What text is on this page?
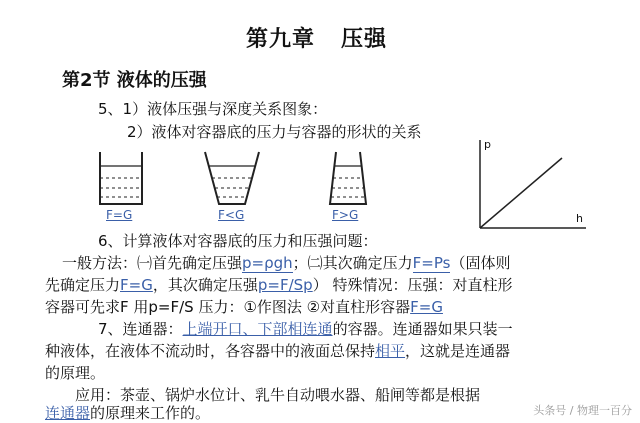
第九章 压强
第2节 液体的压强
5、1）液体压强与深度关系图象：
2）液体对容器底的压力与容器的形状的关系
F=G	F<G	F>G
p
h
6、计算液体对容器底的压力和压强问题：
一般方法：㈠首先确定压强p=ρgh；㈡其次确定压力F=Ps（固体则
先确定压力F=G，其次确定压强p=F/Sp） 特殊情况：压强：对直柱形
容器可先求F 用p=F/S 压力：①作图法 ②对直柱形容器F=G
7、连通器：上端开口、下部相连通的容器。连通器如果只装一
种液体，在液体不流动时，各容器中的液面总保持相平，这就是连通器
的原理。
应用：茶壶、锅炉水位计、乳牛自动喂水器、船闸等都是根据
连通器的原理来工作的。	头条号 / 物理一百分
